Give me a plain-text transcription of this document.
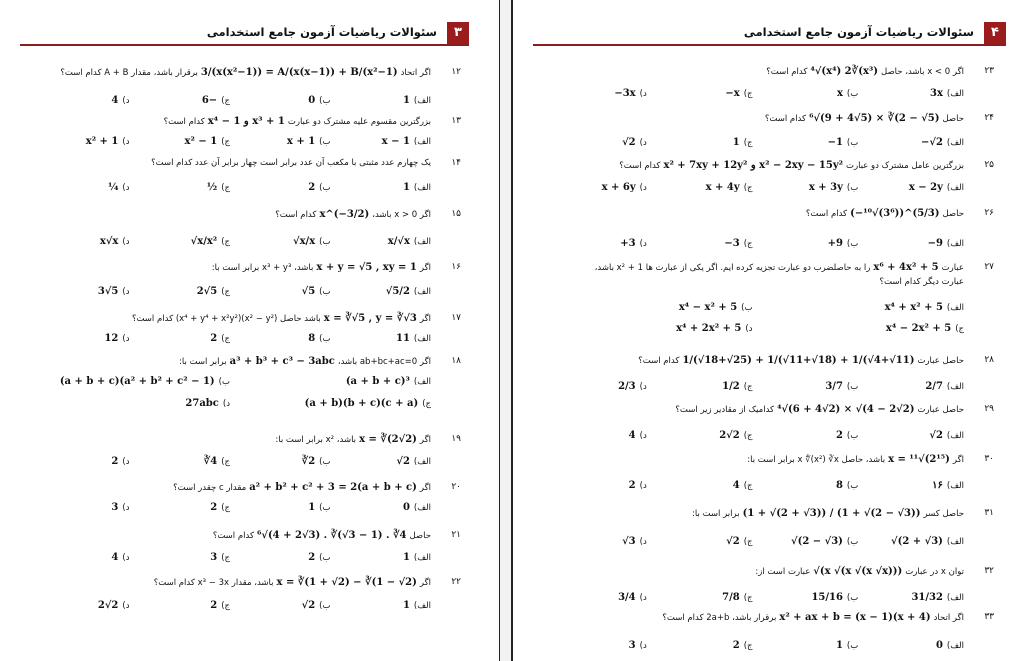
۳
سئوالات ریاضیات آزمون جامع استخدامی
۱۲
اگر اتحاد3/(x(x²−1)) = A/(x(x−1)) + B/(x²−1)برقرار باشد، مقدار A + B کدام است؟
الف)1
ب)0
ج)6−
د)4
۱۳
بزرگترین مقسوم علیه مشترک دو عبارتx⁴ − 1 و x³ + 1کدام است؟
الف)x − 1
ب)x + 1
ج)x² − 1
د)x² + 1
۱۴
یک چهارم عدد مثبتی با مکعب آن عدد برابر است چهار برابر آن عدد کدام است؟
الف)1
ب)2
ج)½
د)¼
۱۵
اگر x > 0 باشد،x^(−3/2)کدام است؟
الف)x/√x
ب)√x/x
ج)√x/x²
د)x√x
۱۶
اگرx + y = √5 , xy = 1باشد، x³ + y³ برابر است با:
الف)√5/2
ب)√5
ج)2√5
د)3√5
۱۷
اگرx = ∛√5 , y = ∛√3باشد حاصل (x² − y²)(x⁴ + y⁴ + x²y²) کدام است؟
الف)11
ب)8
ج)2
د)12
۱۸
اگر ab+bc+ac=0 باشد،a³ + b³ + c³ − 3abcبرابر است با:
الف)(a + b + c)³
ب)(a + b + c)(a² + b² + c² − 1)
ج)(a + b)(b + c)(c + a)
د)27abc
۱۹
اگرx = ∛(2√2)باشد، x² برابر است با:
الف)√2
ب)∛2
ج)∛4
د)2
۲۰
اگرa² + b² + c² + 3 = 2(a + b + c)مقدار c چقدر است؟
الف)0
ب)1
ج)2
د)3
۲۱
حاصل⁶√(4 + 2√3) . ∛(√3 − 1) . ∛4کدام است؟
الف)1
ب)2
ج)3
د)4
۲۲
اگرx = ∛(1 + √2) − ∛(1 − √2)باشد، مقدار x³ − 3x کدام است؟
الف)1
ب)√2
ج)2
د)2√2
۴
سئوالات ریاضیات آزمون جامع استخدامی
۲۳
اگر 0 > x باشد، حاصل⁴√(x⁴) 2∛(x³)کدام است؟
الف)3x
ب)x
ج)−x
د)−3x
۲۴
حاصل⁶√(9 + 4√5) × ∛(2 − √5)کدام است؟
الف)−√2
ب)−1
ج)1
د)√2
۲۵
بزرگترین عامل مشترک دو عبارتx² + 7xy + 12y² و x² − 2xy − 15y²کدام است؟
الف)x − 2y
ب)x + 3y
ج)x + 4y
د)x + 6y
۲۶
حاصل(−¹⁰√(3⁶))^(5/3)کدام است؟
الف)−9
ب)+9
ج)−3
د)+3
۲۷
عبارتx⁶ + 4x² + 5را به حاصلضرب دو عبارت تجزیه کرده ایم. اگر یکی از عبارت ها x² + 1 باشد،
عبارت دیگر کدام است؟
الف)x⁴ + x² + 5
ب)x⁴ − x² + 5
ج)x⁴ − 2x² + 5
د)x⁴ + 2x² + 5
۲۸
حاصل عبارت1/(√18+√25) + 1/(√11+√18) + 1/(√4+√11)کدام است؟
الف)2/7
ب)3/7
ج)1/2
د)2/3
۲۹
حاصل عبارت⁴√(6 + 4√2) × √(4 − 2√2)کدامیک از مقادیر زیر است؟
الف)√2
ب)2
ج)2√2
د)4
۳۰
اگرx = ¹¹√(2¹⁵)باشد، حاصل x ∜(x²) ∛x برابر است با:
الف)۱۶
ب)8
ج)4
د)2
۳۱
حاصل کسر(1 + √(2 + √3)) / (1 + √(2 − √3))برابر است با:
الف)√(2 + √3)
ب)√(2 − √3)
ج)√2
د)√3
۳۲
توان x در عبارت√(x √(x √(x √x)))عبارت است از:
الف)31/32
ب)15/16
ج)7/8
د)3/4
۳۳
اگر اتحادx² + ax + b = (x − 1)(x + 4)برقرار باشد، 2a+b کدام است؟
الف)0
ب)1
ج)2
د)3
